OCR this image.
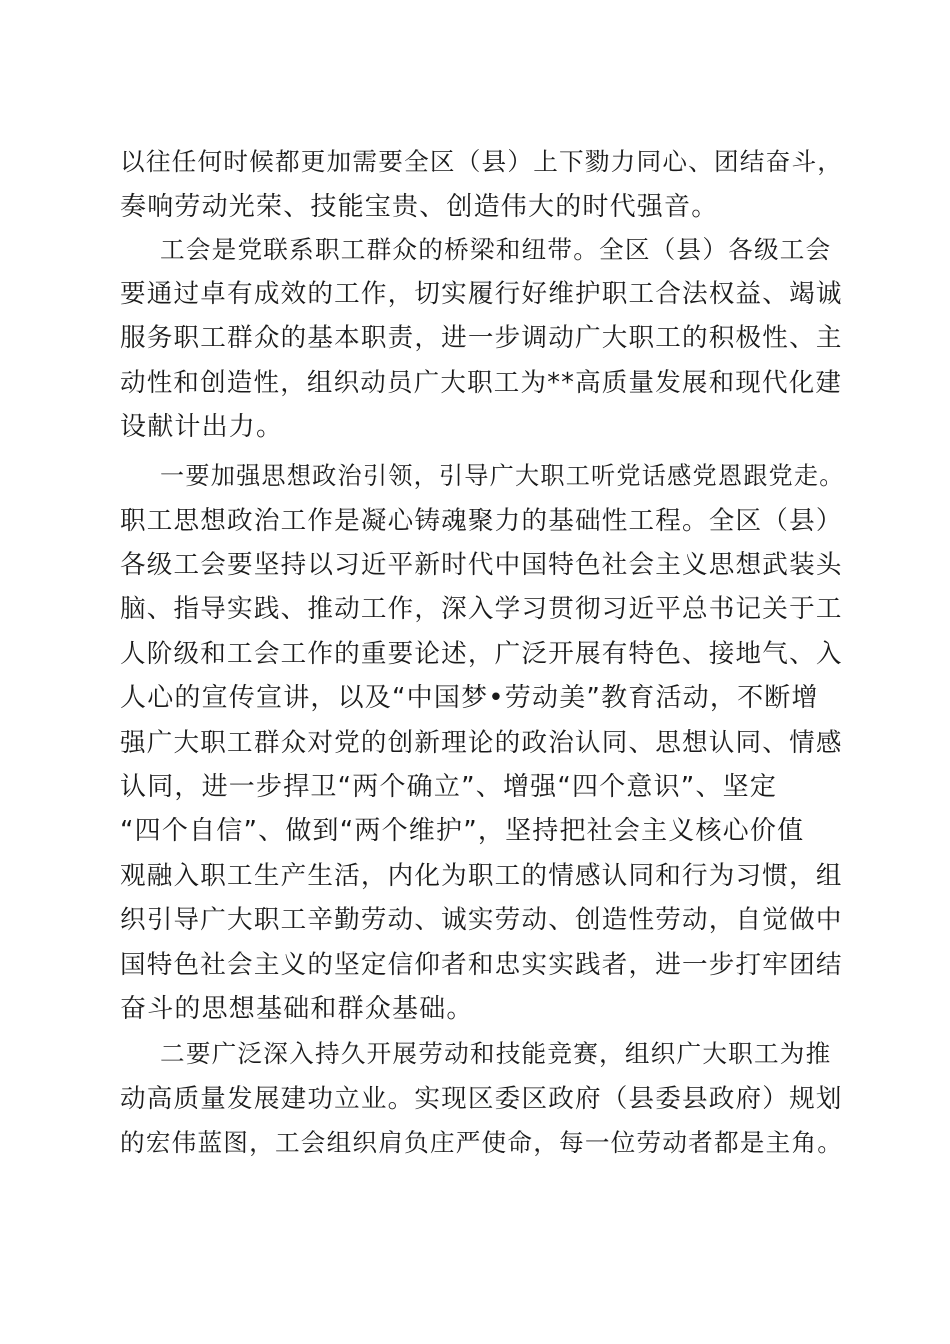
以往任何时候都更加需要全区（县）上下勠力同心、团结奋斗，
奏响劳动光荣、技能宝贵、创造伟大的时代强音。
工会是党联系职工群众的桥梁和纽带。全区（县）各级工会
要通过卓有成效的工作，切实履行好维护职工合法权益、竭诚
服务职工群众的基本职责，进一步调动广大职工的积极性、主
动性和创造性，组织动员广大职工为**高质量发展和现代化建
设献计出力。
一要加强思想政治引领，引导广大职工听党话感党恩跟党走。
职工思想政治工作是凝心铸魂聚力的基础性工程。全区（县）
各级工会要坚持以习近平新时代中国特色社会主义思想武装头
脑、指导实践、推动工作，深入学习贯彻习近平总书记关于工
人阶级和工会工作的重要论述，广泛开展有特色、接地气、入
人心的宣传宣讲，以及“中国梦•劳动美”教育活动，不断增
强广大职工群众对党的创新理论的政治认同、思想认同、情感
认同，进一步捍卫“两个确立”、增强“四个意识”、坚定
“四个自信”、做到“两个维护”，坚持把社会主义核心价值
观融入职工生产生活，内化为职工的情感认同和行为习惯，组
织引导广大职工辛勤劳动、诚实劳动、创造性劳动，自觉做中
国特色社会主义的坚定信仰者和忠实实践者，进一步打牢团结
奋斗的思想基础和群众基础。
二要广泛深入持久开展劳动和技能竞赛，组织广大职工为推
动高质量发展建功立业。实现区委区政府（县委县政府）规划
的宏伟蓝图，工会组织肩负庄严使命，每一位劳动者都是主角。
